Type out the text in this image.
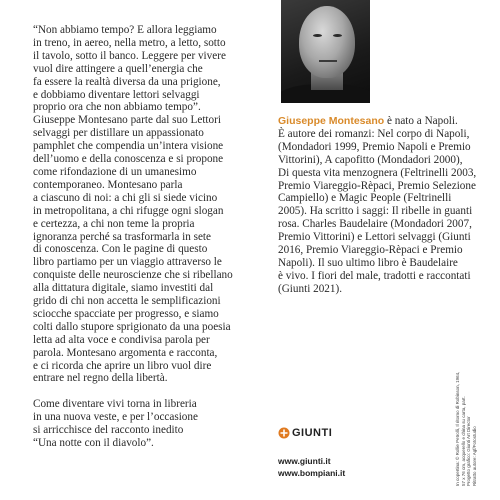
“Non abbiamo tempo? E allora leggiamo
in treno, in aereo, nella metro, a letto, sotto
il tavolo, sotto il banco. Leggere per vivere
vuol dire attingere a quell’energia che
fa essere la realtà diversa da una prigione,
e dobbiamo diventare lettori selvaggi
proprio ora che non abbiamo tempo”.
Giuseppe Montesano parte dal suo Lettori
selvaggi per distillare un appassionato
pamphlet che compendia un’intera visione
dell’uomo e della conoscenza e si propone
come rifondazione di un umanesimo
contemporaneo. Montesano parla
a ciascuno di noi: a chi gli si siede vicino
in metropolitana, a chi rifugge ogni slogan
e certezza, a chi non teme la propria
ignoranza perché sa trasformarla in sete
di conoscenza. Con le pagine di questo
libro partiamo per un viaggio attraverso le
conquiste delle neuroscienze che si ribellano
alla dittatura digitale, siamo investiti dal
grido di chi non accetta le semplificazioni
sciocche spacciate per progresso, e siamo
colti dallo stupore sprigionato da una poesia
letta ad alta voce e condivisa parola per
parola. Montesano argomenta e racconta,
e ci ricorda che aprire un libro vuol dire
entrare nel regno della libertà.

Come diventare vivi torna in libreria
in una nuova veste, e per l’occasione
si arricchisce del racconto inedito
“Una notte con il diavolo”.

Giuseppe Montesano è nato a Napoli.
È autore dei romanzi: Nel corpo di Napoli,
(Mondadori 1999, Premio Napoli e Premio
Vittorini), A capofitto (Mondadori 2000),
Di questa vita menzognera (Feltrinelli 2003,
Premio Viareggio-Rèpaci, Premio Selezione
Campiello) e Magic People (Feltrinelli
2005). Ha scritto i saggi: Il ribelle in guanti
rosa. Charles Baudelaire (Mondadori 2007,
Premio Vittorini) e Lettori selvaggi (Giunti
2016, Premio Viareggio-Rèpaci e Premio
Napoli). Il suo ultimo libro è Baudelaire
è vivo. I fiori del male, tradotti e raccontati
(Giunti 2021).

GIUNTI
www.giunti.it
www.bompiani.it	In copertina: © Rollie Petrolli, Il ritorno di Robinson, 1964, 57 x 76 cm, acquerello e china su carta, part. Progetto grafico: Giunti Art Director Ritratto autore: Agf/Fotostudio
